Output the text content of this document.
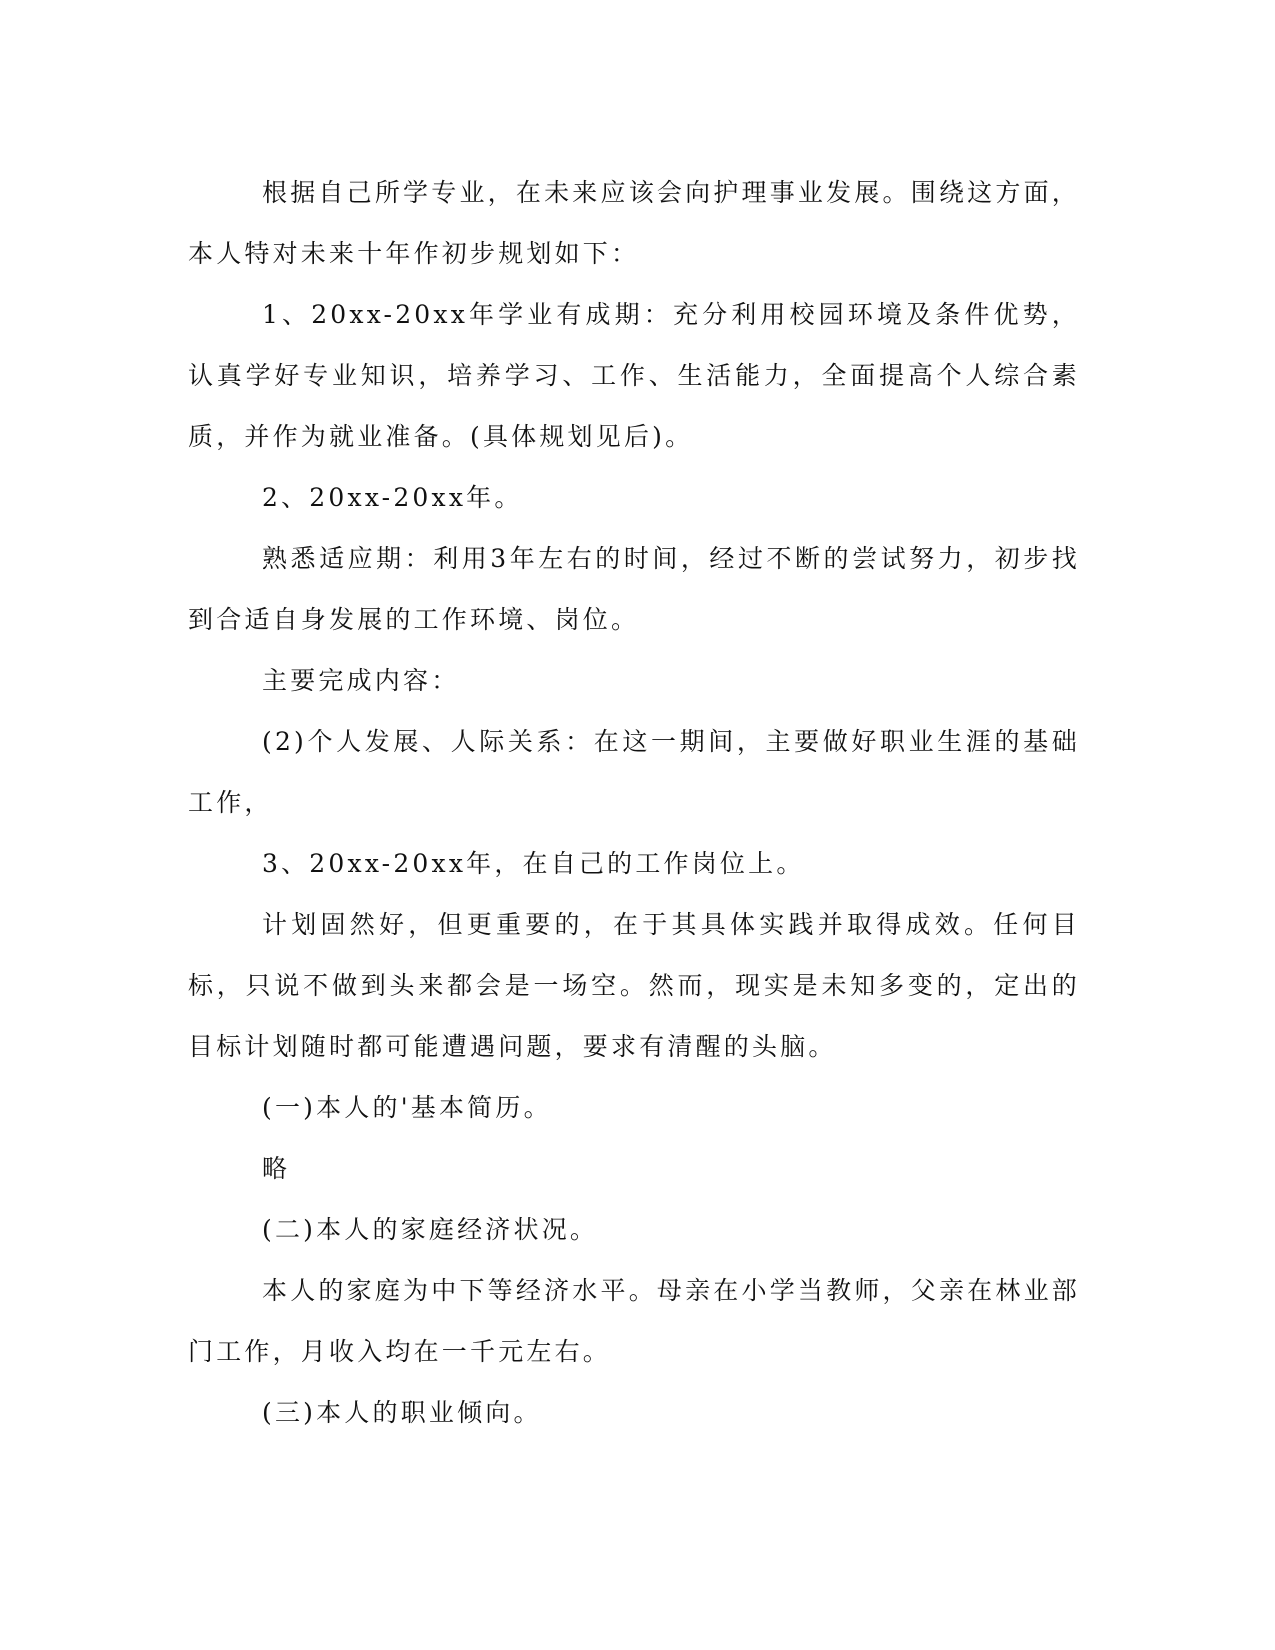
根据自己所学专业，在未来应该会向护理事业发展。围绕这方面，本人特对未来十年作初步规划如下：

1、20xx-20xx年学业有成期：充分利用校园环境及条件优势，认真学好专业知识，培养学习、工作、生活能力，全面提高个人综合素质，并作为就业准备。(具体规划见后)。

2、20xx-20xx年。

熟悉适应期：利用3年左右的时间，经过不断的尝试努力，初步找到合适自身发展的工作环境、岗位。

主要完成内容：

(2)个人发展、人际关系：在这一期间，主要做好职业生涯的基础工作，

3、20xx-20xx年，在自己的工作岗位上。

计划固然好，但更重要的，在于其具体实践并取得成效。任何目标，只说不做到头来都会是一场空。然而，现实是未知多变的，定出的目标计划随时都可能遭遇问题，要求有清醒的头脑。

(一)本人的'基本简历。

略

(二)本人的家庭经济状况。

本人的家庭为中下等经济水平。母亲在小学当教师，父亲在林业部门工作，月收入均在一千元左右。

(三)本人的职业倾向。
